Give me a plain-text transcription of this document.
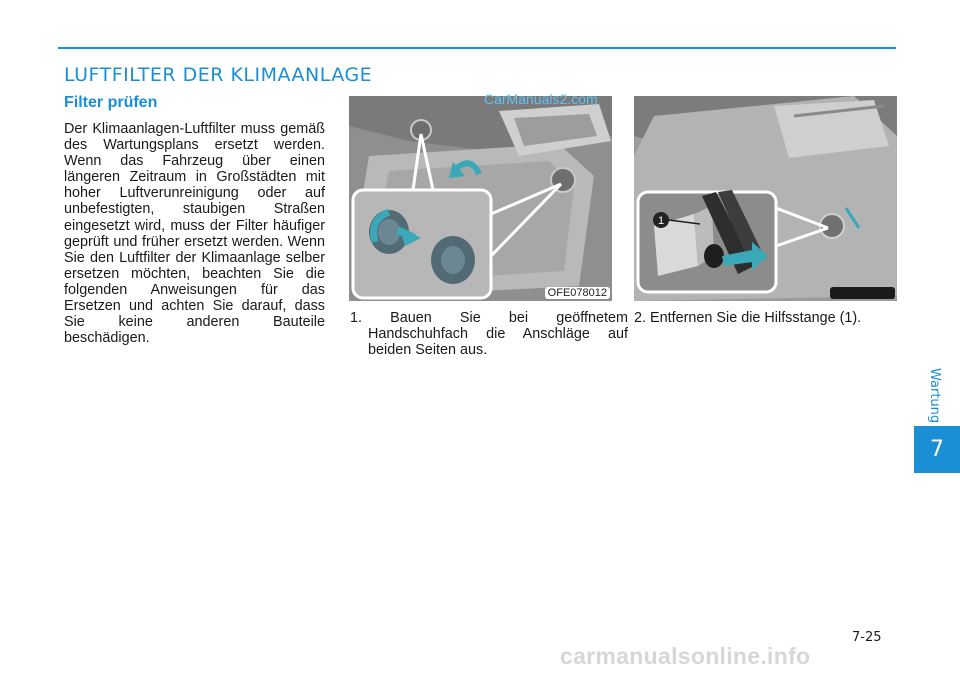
LUFTFILTER DER KLIMAANLAGE
Filter prüfen

Der Klimaanlagen-Luftfilter muss gemäß des Wartungsplans ersetzt werden. Wenn das Fahrzeug über einen längeren Zeitraum in Großstädten mit hoher Luftverunreinigung oder auf unbefestigten, staubigen Straßen eingesetzt wird, muss der Filter häufiger geprüft und früher ersetzt werden. Wenn Sie den Luftfilter der Klimaanlage selber ersetzen möchten, beachten Sie die folgenden Anweisungen für das Ersetzen und achten Sie darauf, dass Sie keine anderen Bauteile beschädigen.

OFE078012
CarManuals2.com
1
OFE078013

1. Bauen Sie bei geöffnetem Handschuhfach die Anschläge auf beiden Seiten aus.

2. Entfernen Sie die Hilfsstange (1).

Wartung
7
7-25
carmanualsonline.info
